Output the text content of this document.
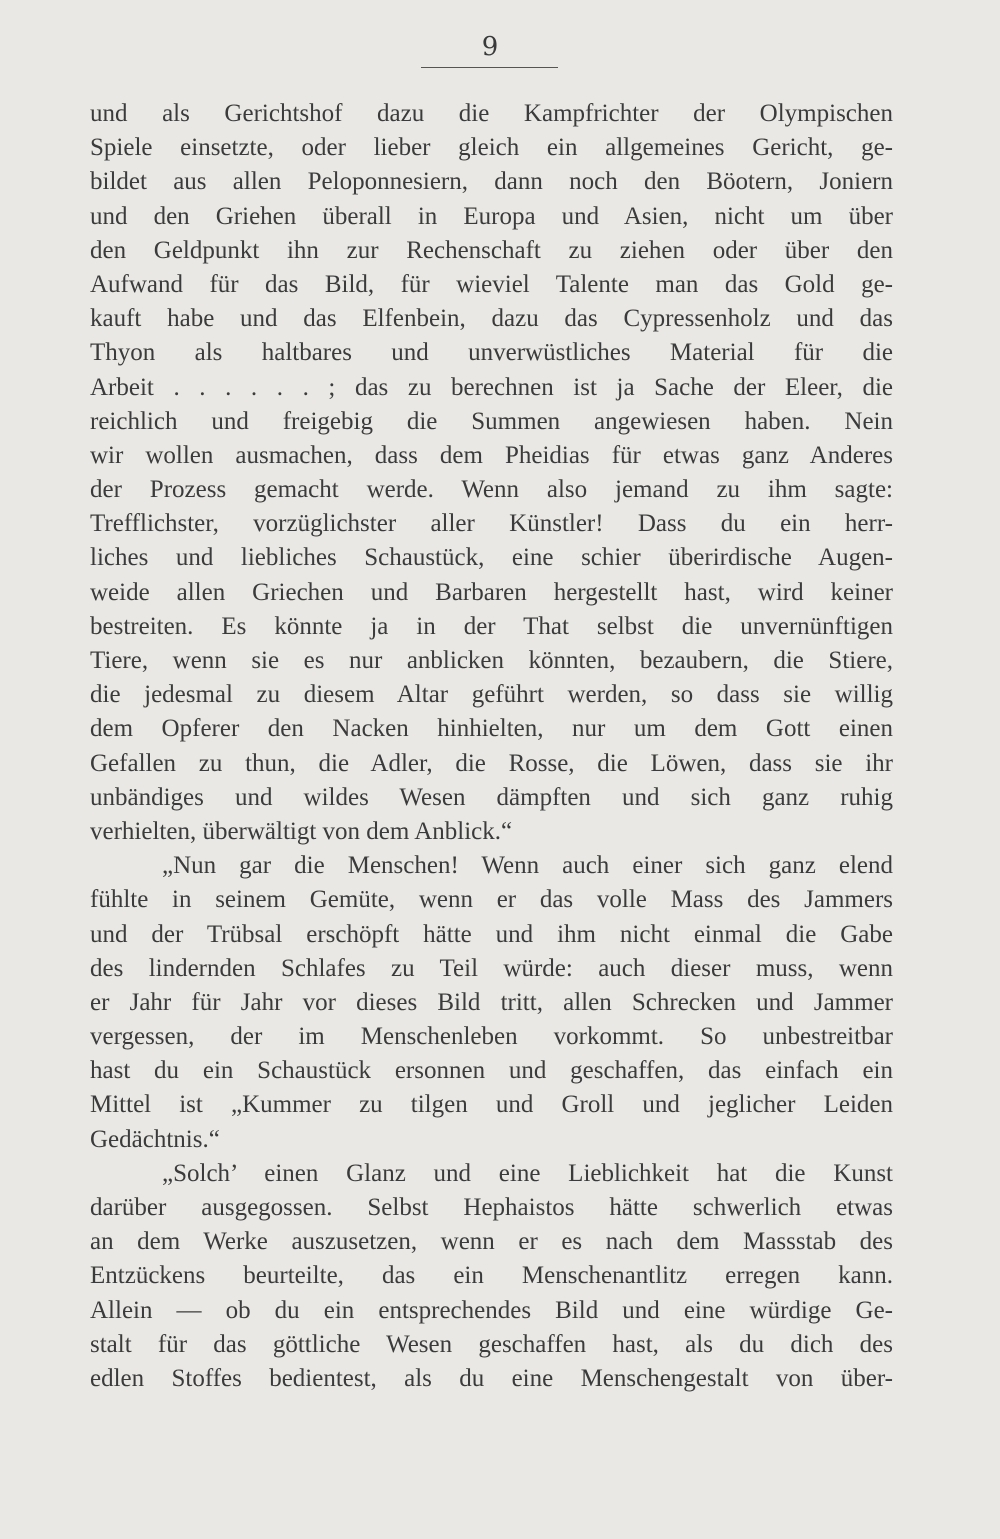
9
und als Gerichtshof dazu die Kampfrichter der Olympischen
Spiele einsetzte, oder lieber gleich ein allgemeines Gericht, ge-
bildet aus allen Peloponnesiern, dann noch den Böotern, Joniern
und den Griehen überall in Europa und Asien, nicht um über
den Geldpunkt ihn zur Rechenschaft zu ziehen oder über den
Aufwand für das Bild, für wieviel Talente man das Gold ge-
kauft habe und das Elfenbein, dazu das Cypressenholz und das
Thyon als haltbares und unverwüstliches Material für die
Arbeit . . . . . . ; das zu berechnen ist ja Sache der Eleer, die
reichlich und freigebig die Summen angewiesen haben. Nein
wir wollen ausmachen, dass dem Pheidias für etwas ganz Anderes
der Prozess gemacht werde. Wenn also jemand zu ihm sagte:
Trefflichster, vorzüglichster aller Künstler! Dass du ein herr-
liches und liebliches Schaustück, eine schier überirdische Augen-
weide allen Griechen und Barbaren hergestellt hast, wird keiner
bestreiten. Es könnte ja in der That selbst die unvernünftigen
Tiere, wenn sie es nur anblicken könnten, bezaubern, die Stiere,
die jedesmal zu diesem Altar geführt werden, so dass sie willig
dem Opferer den Nacken hinhielten, nur um dem Gott einen
Gefallen zu thun, die Adler, die Rosse, die Löwen, dass sie ihr
unbändiges und wildes Wesen dämpften und sich ganz ruhig
verhielten, überwältigt von dem Anblick.“
„Nun gar die Menschen! Wenn auch einer sich ganz elend
fühlte in seinem Gemüte, wenn er das volle Mass des Jammers
und der Trübsal erschöpft hätte und ihm nicht einmal die Gabe
des lindernden Schlafes zu Teil würde: auch dieser muss, wenn
er Jahr für Jahr vor dieses Bild tritt, allen Schrecken und Jammer
vergessen, der im Menschenleben vorkommt. So unbestreitbar
hast du ein Schaustück ersonnen und geschaffen, das einfach ein
Mittel ist „Kummer zu tilgen und Groll und jeglicher Leiden
Gedächtnis.“
„Solch’ einen Glanz und eine Lieblichkeit hat die Kunst
darüber ausgegossen. Selbst Hephaistos hätte schwerlich etwas
an dem Werke auszusetzen, wenn er es nach dem Massstab des
Entzückens beurteilte, das ein Menschenantlitz erregen kann.
Allein — ob du ein entsprechendes Bild und eine würdige Ge-
stalt für das göttliche Wesen geschaffen hast, als du dich des
edlen Stoffes bedientest, als du eine Menschengestalt von über-
